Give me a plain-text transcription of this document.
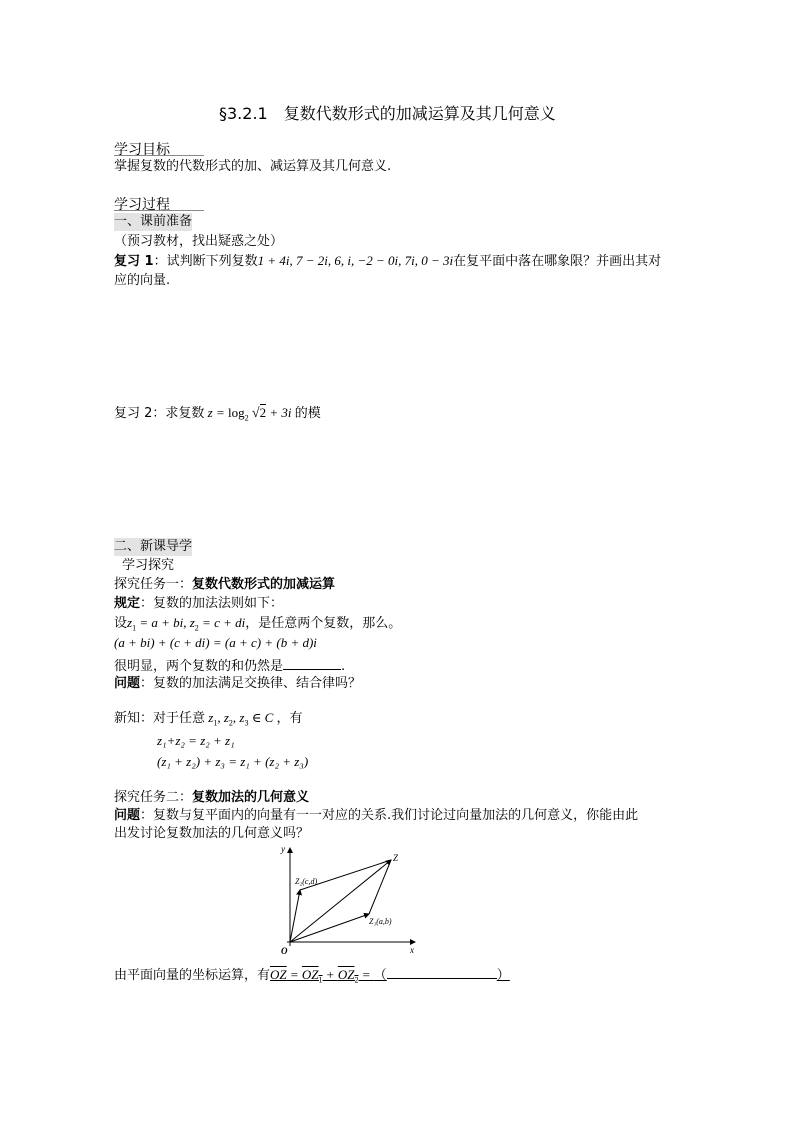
§3.2.1　复数代数形式的加减运算及其几何意义
学习目标
掌握复数的代数形式的加、减运算及其几何意义.
学习过程
一、课前准备
（预习教材，找出疑惑之处）
复习 1：试判断下列复数1 + 4i, 7 − 2i, 6, i, −2 − 0i, 7i, 0 − 3i在复平面中落在哪象限？并画出其对
应的向量.
复习 2：求复数 $z = \log_2 √2 + 3i$ 的模
二、新课导学
学习探究
探究任务一：复数代数形式的加减运算
规定：复数的加法法则如下：
设$z_1 = a$ + bi, $z_2 = c$ + di，是任意两个复数，那么。
(a + bi) + (c + di) = (a + c) + (b + d)i
很明显，两个复数的和仍然是	.
问题：复数的加法满足交换律、结合律吗？
新知：对于任意 $z_1$, $z_2$, $z_3$ ∈ C ，有
z₁+z₂ = z₂ + z₁
(z₁ + z₂) + z₃ = z₁ + (z₂ + z₃)
探究任务二：复数加法的几何意义
问题：复数与复平面内的向量有一一对应的关系.我们讨论过向量加法的几何意义，你能由此
出发讨论复数加法的几何意义吗？
y
x
O
Z
Z₂(c,d)
Z₁(a,b)
由平面向量的坐标运算，有OZ = $OZ_1 + OZ_2$ = （	）
